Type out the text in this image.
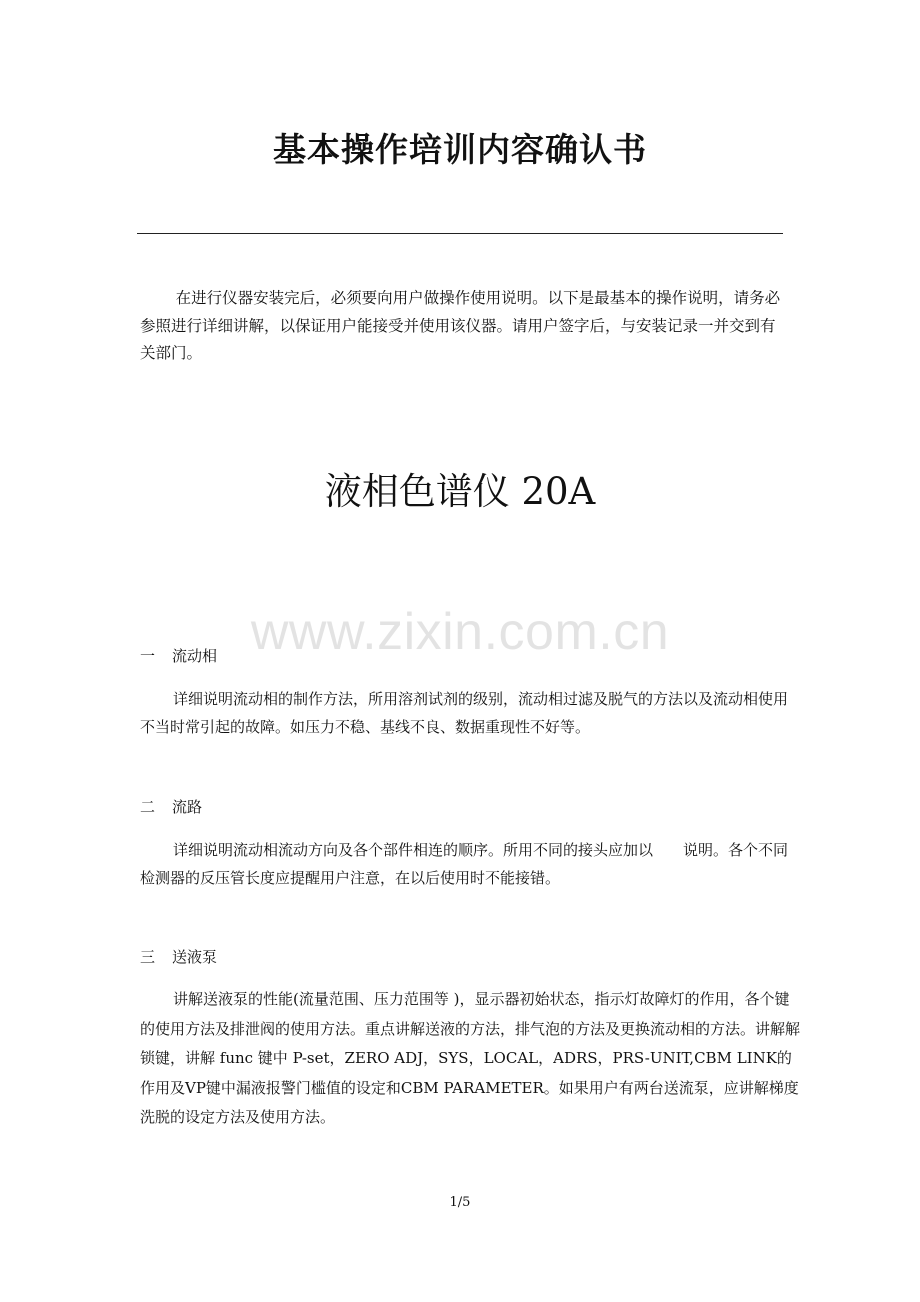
基本操作培训内容确认书

在进行仪器安装完后，必须要向用户做操作使用说明。以下是最基本的操作说明，请务必参照进行详细讲解，以保证用户能接受并使用该仪器。请用户签字后，与安装记录一并交到有关部门。

液相色谱仪 20A
www.zixin.com.cn
一 流动相

详细说明流动相的制作方法，所用溶剂试剂的级别，流动相过滤及脱气的方法以及流动相使用不当时常引起的故障。如压力不稳、基线不良、数据重现性不好等。

二 流路

详细说明流动相流动方向及各个部件相连的顺序。所用不同的接头应加以　　说明。各个不同检测器的反压管长度应提醒用户注意，在以后使用时不能接错。

三 送液泵

讲解送液泵的性能(流量范围、压力范围等 )，显示器初始状态，指示灯故障灯的作用，各个键的使用方法及排泄阀的使用方法。重点讲解送液的方法，排气泡的方法及更换流动相的方法。讲解解锁键，讲解 func 键中 P-set，ZERO ADJ，SYS，LOCAL，ADRS，PRS-UNIT,CBM LINK的作用及VP键中漏液报警门槛值的设定和CBM PARAMETER。如果用户有两台送流泵，应讲解梯度洗脱的设定方法及使用方法。

1/5
